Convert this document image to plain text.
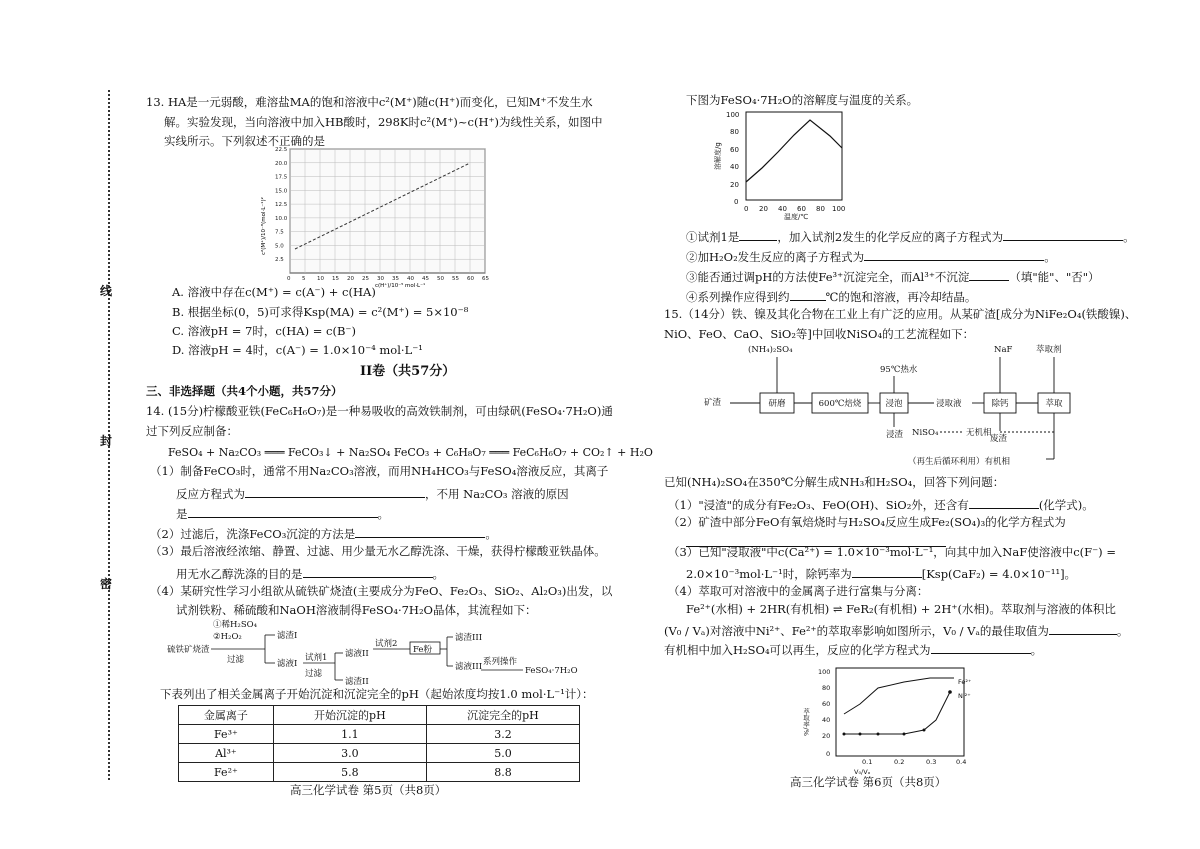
线
封
密
13. HA是一元弱酸，难溶盐MA的饱和溶液中c²(M⁺)随c(H⁺)而变化，已知M⁺不发生水
解。实验发现，当向溶液中加入HB酸时，298K时c²(M⁺)~c(H⁺)为线性关系，如图中
实线所示。下列叙述不正确的是
22.5
20.0
17.5
15.0
12.5
10.0
7.5
5.0
2.5
0 5 10 15 20 25 30 35 40 45 50 55 60 65
c²(M⁺)/10⁻⁸(mol·L⁻¹)²
c(H⁺)/10⁻⁵ mol·L⁻¹
A. 溶液中存在c(M⁺) = c(A⁻) + c(HA)
B. 根据坐标(0，5)可求得Ksp(MA) = c²(M⁺) = 5×10⁻⁸
C. 溶液pH = 7时，c(HA) = c(B⁻)
D. 溶液pH = 4时，c(A⁻) = 1.0×10⁻⁴ mol·L⁻¹
II卷（共57分）
三、非选择题（共4个小题，共57分）
14. (15分)柠檬酸亚铁(FeC₆H₆O₇)是一种易吸收的高效铁制剂，可由绿矾(FeSO₄·7H₂O)通
过下列反应制备：
FeSO₄ + Na₂CO₃ ═══ FeCO₃↓ + Na₂SO₄ FeCO₃ + C₆H₈O₇ ═══ FeC₆H₆O₇ + CO₂↑ + H₂O
（1）制备FeCO₃时，通常不用Na₂CO₃溶液，而用NH₄HCO₃与FeSO₄溶液反应，其离子
反应方程式为	，不用 Na₂CO₃ 溶液的原因
是	。
（2）过滤后，洗涤FeCO₃沉淀的方法是	。
（3）最后溶液经浓缩、静置、过滤、用少量无水乙醇洗涤、干燥，获得柠檬酸亚铁晶体。
用无水乙醇洗涤的目的是	。
（4）某研究性学习小组欲从硫铁矿烧渣(主要成分为FeO、Fe₂O₃、SiO₂、Al₂O₃)出发，以
试剂铁粉、稀硫酸和NaOH溶液制得FeSO₄·7H₂O晶体，其流程如下：
①稀H₂SO₄
②H₂O₂
硫铁矿烧渣
过滤
滤渣I
滤液I
试剂1
过滤
滤液II
滤渣II
试剂2
Fe粉
滤渣III
滤液III 系列操作
FeSO₄·7H₂O
下表列出了相关金属离子开始沉淀和沉淀完全的pH（起始浓度均按1.0 mol·L⁻¹计）：
金属离子	开始沉淀的pH	沉淀完全的pH
Fe³⁺	1.1	3.2
Al³⁺	3.0	5.0
Fe²⁺	5.8	8.8
高三化学试卷 第5页（共8页）
下图为FeSO₄·7H₂O的溶解度与温度的关系。
100
80
60
40
20
0
0 20 40 60 80 100
温度/℃
溶解度/g
①试剂1是	，加入试剂2发生的化学反应的离子方程式为	。
②加H₂O₂发生反应的离子方程式为	。
③能否通过调pH的方法使Fe³⁺沉淀完全，而Al³⁺不沉淀	（填"能"、"否"）
④系列操作应得到约	℃的饱和溶液，再冷却结晶。
15.（14分）铁、镍及其化合物在工业上有广泛的应用。从某矿渣[成分为NiFe₂O₄(铁酸镍)、
NiO、FeO、CaO、SiO₂等]中回收NiSO₄的工艺流程如下：
(NH₄)₂SO₄
矿渣
95℃热水
浸取液
浸渣
NaF	萃取剂
废渣
NiSO₄	无机相
（再生后循环利用）有机相
研磨	600℃焙烧	浸泡	除钙	萃取
已知(NH₄)₂SO₄在350℃分解生成NH₃和H₂SO₄，回答下列问题：
（1）"浸渣"的成分有Fe₂O₃、FeO(OH)、SiO₂外，还含有	(化学式)。
（2）矿渣中部分FeO有氧焙烧时与H₂SO₄反应生成Fe₂(SO₄)₃的化学方程式为
（3）已知"浸取液"中c(Ca²⁺) = 1.0×10⁻³mol·L⁻¹，向其中加入NaF使溶液中c(F⁻) =
2.0×10⁻³mol·L⁻¹时，除钙率为	[Ksp(CaF₂) = 4.0×10⁻¹¹]。
（4）萃取可对溶液中的金属离子进行富集与分离：
Fe²⁺(水相) + 2HR(有机相) ⇌ FeR₂(有机相) + 2H⁺(水相)。萃取剂与溶液的体积比
(V₀ / Vₐ)对溶液中Ni²⁺、Fe²⁺的萃取率影响如图所示，V₀ / Vₐ的最佳取值为	。
有机相中加入H₂SO₄可以再生，反应的化学方程式为	。
100
80
60
40
20
0
0.1	0.2	0.3	0.4
V₀/Vₐ
萃取率/%
Fe²⁺
Ni²⁺
高三化学试卷 第6页（共8页）
